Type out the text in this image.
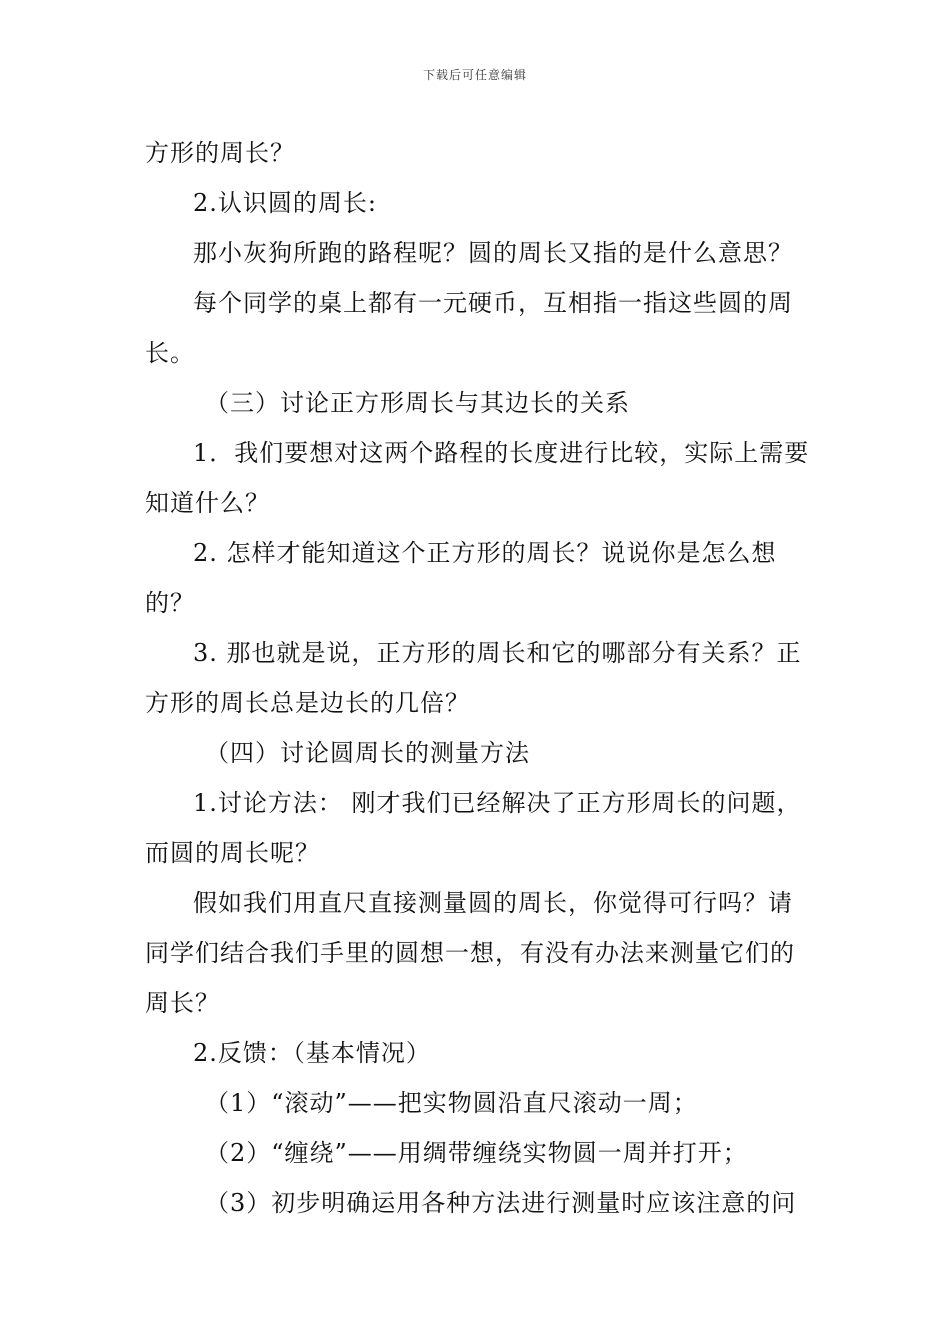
下载后可任意编辑

方形的周长？

2.认识圆的周长:

那小灰狗所跑的路程呢？圆的周长又指的是什么意思？

每个同学的桌上都有一元硬币，互相指一指这些圆的周长。

（三）讨论正方形周长与其边长的关系

1．我们要想对这两个路程的长度进行比较，实际上需要知道什么？

2. 怎样才能知道这个正方形的周长？说说你是怎么想的？

3. 那也就是说，正方形的周长和它的哪部分有关系？正方形的周长总是边长的几倍？

（四）讨论圆周长的测量方法

1.讨论方法： 刚才我们已经解决了正方形周长的问题，而圆的周长呢？

假如我们用直尺直接测量圆的周长，你觉得可行吗？请同学们结合我们手里的圆想一想，有没有办法来测量它们的周长？

2.反馈：（基本情况）

（1）“滚动”——把实物圆沿直尺滚动一周；

（2）“缠绕”——用绸带缠绕实物圆一周并打开；

（3）初步明确运用各种方法进行测量时应该注意的问
